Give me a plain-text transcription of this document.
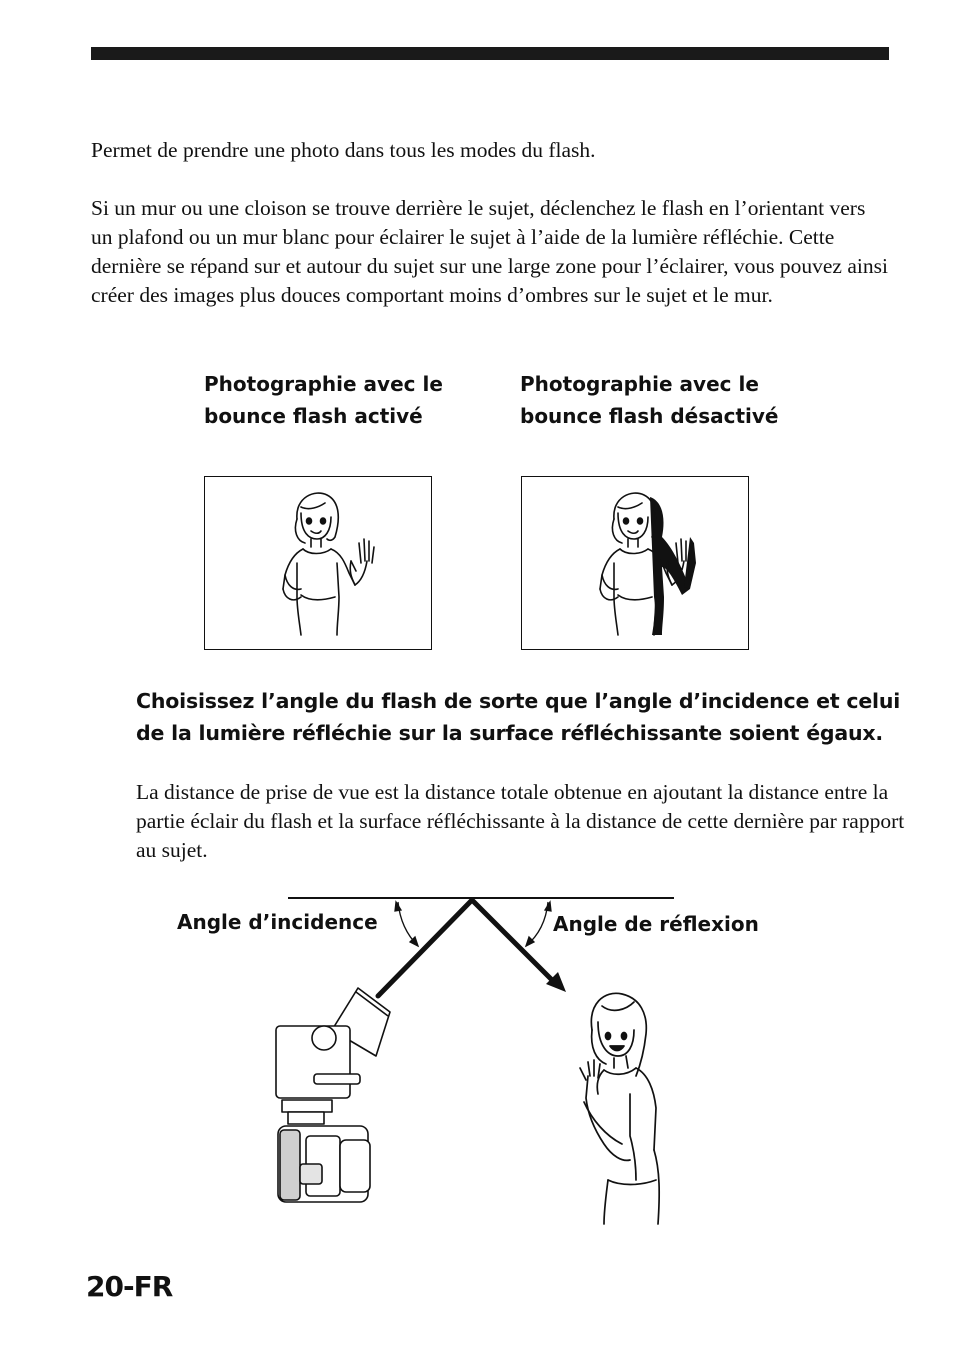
Permet de prendre une photo dans tous les modes du flash.
Si un mur ou une cloison se trouve derrière le sujet, déclenchez le flash en l’orientant vers un plafond ou un mur blanc pour éclairer le sujet à l’aide de la lumière réfléchie. Cette dernière se répand sur et autour du sujet sur une large zone pour l’éclairer, vous pouvez ainsi créer des images plus douces comportant moins d’ombres sur le sujet et le mur.
Photographie avec le bounce flash activé
Photographie avec le bounce flash désactivé
Choisissez l’angle du flash de sorte que l’angle d’incidence et celui de la lumière réfléchie sur la surface réfléchissante soient égaux.
La distance de prise de vue est la distance totale obtenue en ajoutant la distance entre la partie éclair du flash et la surface réfléchissante à la distance de cette dernière par rapport au sujet.
Angle d’incidence	Angle de réflexion
20-FR
